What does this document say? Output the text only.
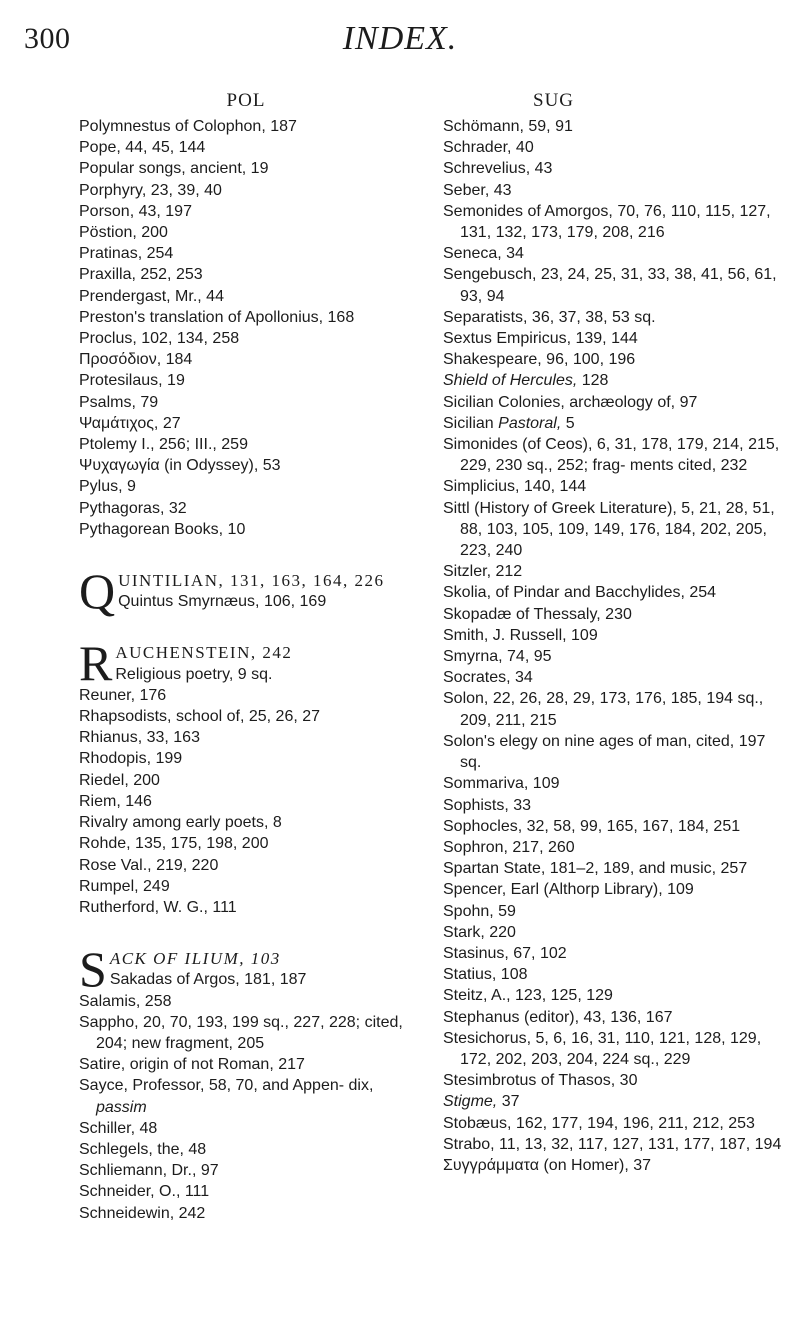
300	INDEX.
POL
Polymnestus of Colophon, 187
Pope, 44, 45, 144
Popular songs, ancient, 19
Porphyry, 23, 39, 40
Porson, 43, 197
Pöstion, 200
Pratinas, 254
Praxilla, 252, 253
Prendergast, Mr., 44
Preston's translation of Apollonius, 168
Proclus, 102, 134, 258
Προσόδιον, 184
Protesilaus, 19
Psalms, 79
Ψαμάτιχος, 27
Ptolemy I., 256; III., 259
Ψυχαγωγία (in Odyssey), 53
Pylus, 9
Pythagoras, 32
Pythagorean Books, 10
Q UINTILIAN, 131, 163, 164, 226
Quintus Smyrnæus, 106, 169
R AUCHENSTEIN, 242
Religious poetry, 9 sq.
Reuner, 176
Rhapsodists, school of, 25, 26, 27
Rhianus, 33, 163
Rhodopis, 199
Riedel, 200
Riem, 146
Rivalry among early poets, 8
Rohde, 135, 175, 198, 200
Rose Val., 219, 220
Rumpel, 249
Rutherford, W. G., 111
S ACK OF ILIUM, 103
Sakadas of Argos, 181, 187
Salamis, 258
Sappho, 20, 70, 193, 199 sq., 227, 228; cited, 204; new fragment, 205
Satire, origin of not Roman, 217
Sayce, Professor, 58, 70, and Appen- dix, passim
Schiller, 48
Schlegels, the, 48
Schliemann, Dr., 97
Schneider, O., 111
Schneidewin, 242
SUG
Schömann, 59, 91
Schrader, 40
Schrevelius, 43
Seber, 43
Semonides of Amorgos, 70, 76, 110, 115, 127, 131, 132, 173, 179, 208, 216
Seneca, 34
Sengebusch, 23, 24, 25, 31, 33, 38, 41, 56, 61, 93, 94
Separatists, 36, 37, 38, 53 sq.
Sextus Empiricus, 139, 144
Shakespeare, 96, 100, 196
Shield of Hercules, 128
Sicilian Colonies, archæology of, 97
Sicilian Pastoral, 5
Simonides (of Ceos), 6, 31, 178, 179, 214, 215, 229, 230 sq., 252; frag- ments cited, 232
Simplicius, 140, 144
Sittl (History of Greek Literature), 5, 21, 28, 51, 88, 103, 105, 109, 149, 176, 184, 202, 205, 223, 240
Sitzler, 212
Skolia, of Pindar and Bacchylides, 254
Skopadæ of Thessaly, 230
Smith, J. Russell, 109
Smyrna, 74, 95
Socrates, 34
Solon, 22, 26, 28, 29, 173, 176, 185, 194 sq., 209, 211, 215
Solon's elegy on nine ages of man, cited, 197 sq.
Sommariva, 109
Sophists, 33
Sophocles, 32, 58, 99, 165, 167, 184, 251
Sophron, 217, 260
Spartan State, 181–2, 189, and music, 257
Spencer, Earl (Althorp Library), 109
Spohn, 59
Stark, 220
Stasinus, 67, 102
Statius, 108
Steitz, A., 123, 125, 129
Stephanus (editor), 43, 136, 167
Stesichorus, 5, 6, 16, 31, 110, 121, 128, 129, 172, 202, 203, 204, 224 sq., 229
Stesimbrotus of Thasos, 30
Stigme, 37
Stobæus, 162, 177, 194, 196, 211, 212, 253
Strabo, 11, 13, 32, 117, 127, 131, 177, 187, 194
Συγγράμματα (on Homer), 37
